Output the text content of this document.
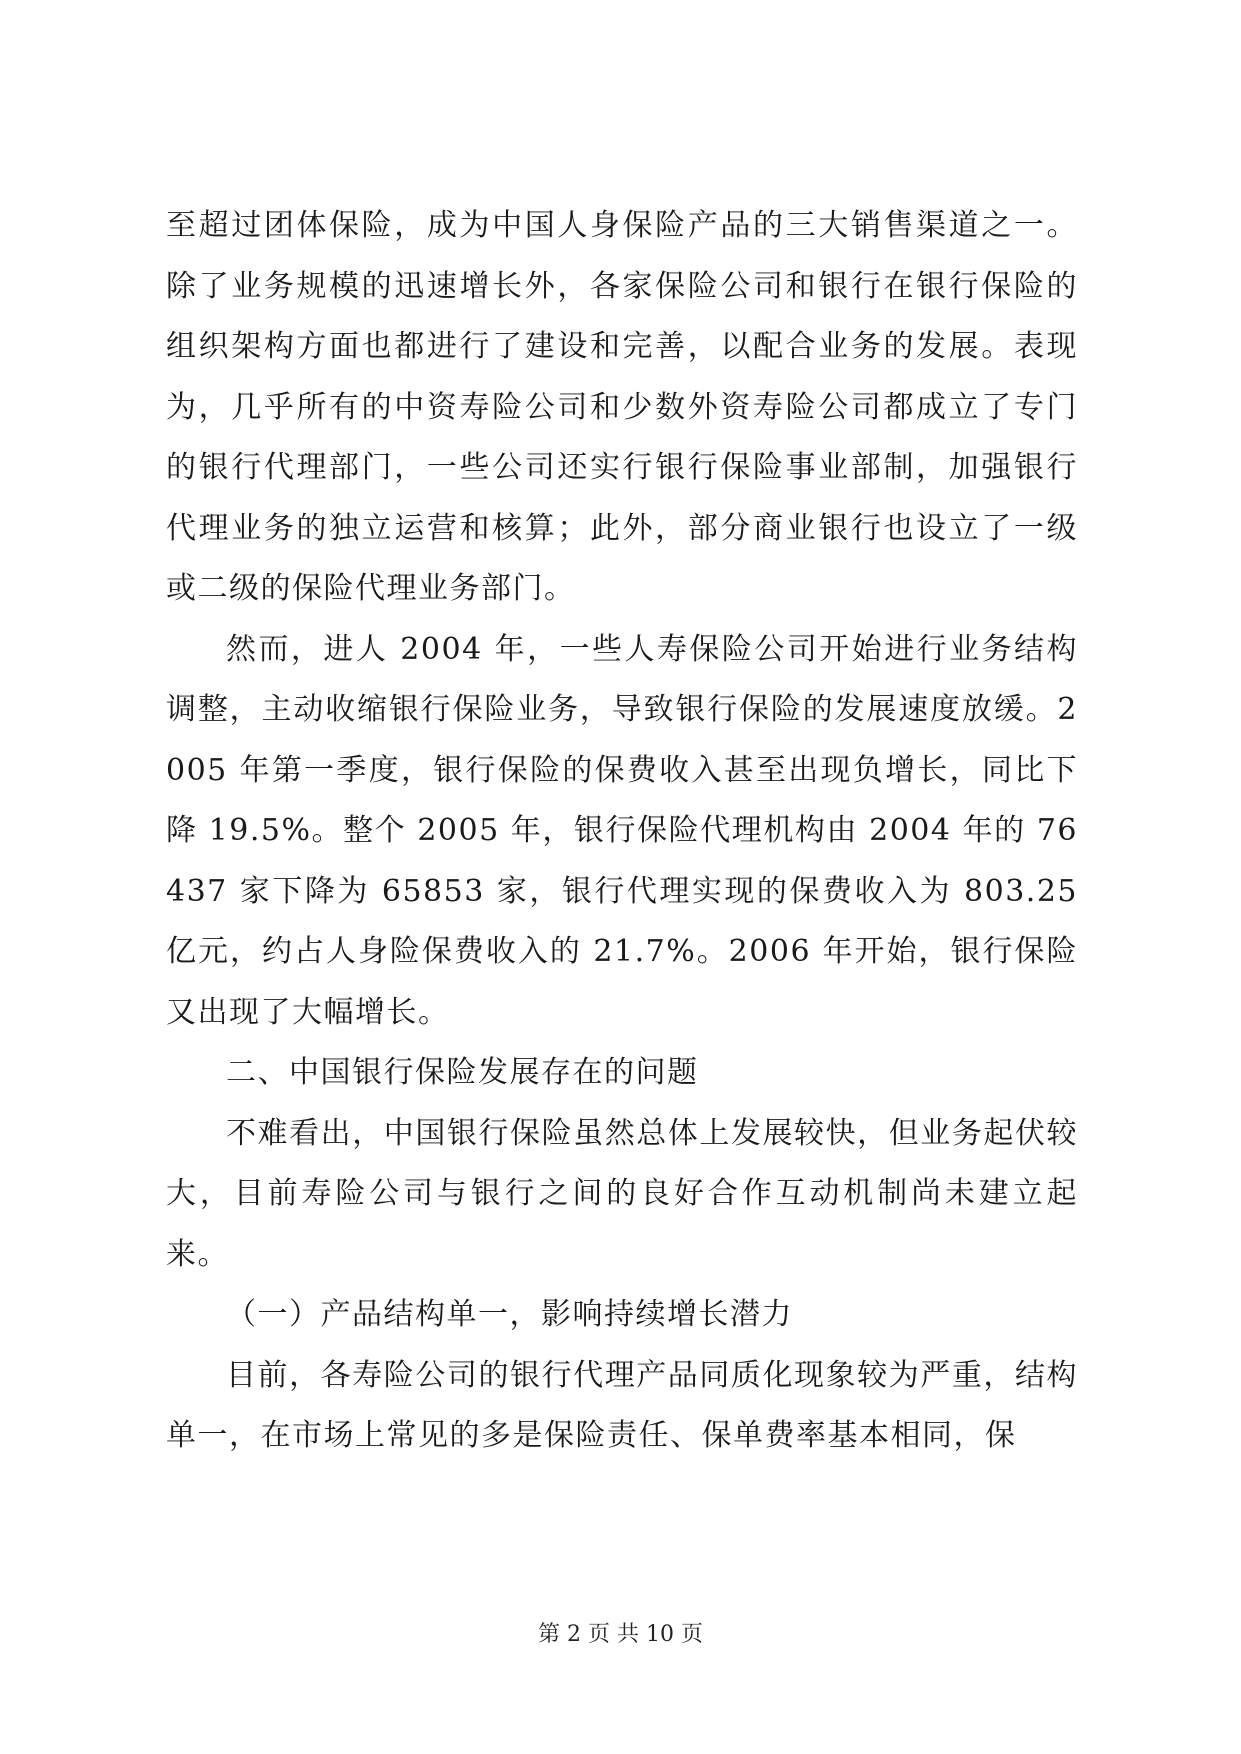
至超过团体保险，成为中国人身保险产品的三大销售渠道之一。除了业务规模的迅速增长外，各家保险公司和银行在银行保险的组织架构方面也都进行了建设和完善，以配合业务的发展。表现为，几乎所有的中资寿险公司和少数外资寿险公司都成立了专门的银行代理部门，一些公司还实行银行保险事业部制，加强银行代理业务的独立运营和核算；此外，部分商业银行也设立了一级或二级的保险代理业务部门。

然而，进人 2004 年，一些人寿保险公司开始进行业务结构调整，主动收缩银行保险业务，导致银行保险的发展速度放缓。2005 年第一季度，银行保险的保费收入甚至出现负增长，同比下降 19.5%。整个 2005 年，银行保险代理机构由 2004 年的 76437 家下降为 65853 家，银行代理实现的保费收入为 803.25 亿元，约占人身险保费收入的 21.7%。2006 年开始，银行保险又出现了大幅增长。

二、中国银行保险发展存在的问题

不难看出，中国银行保险虽然总体上发展较快，但业务起伏较大，目前寿险公司与银行之间的良好合作互动机制尚未建立起来。

（一）产品结构单一，影响持续增长潜力

目前，各寿险公司的银行代理产品同质化现象较为严重，结构单一，在市场上常见的多是保险责任、保单费率基本相同，保

第 2 页 共 10 页
